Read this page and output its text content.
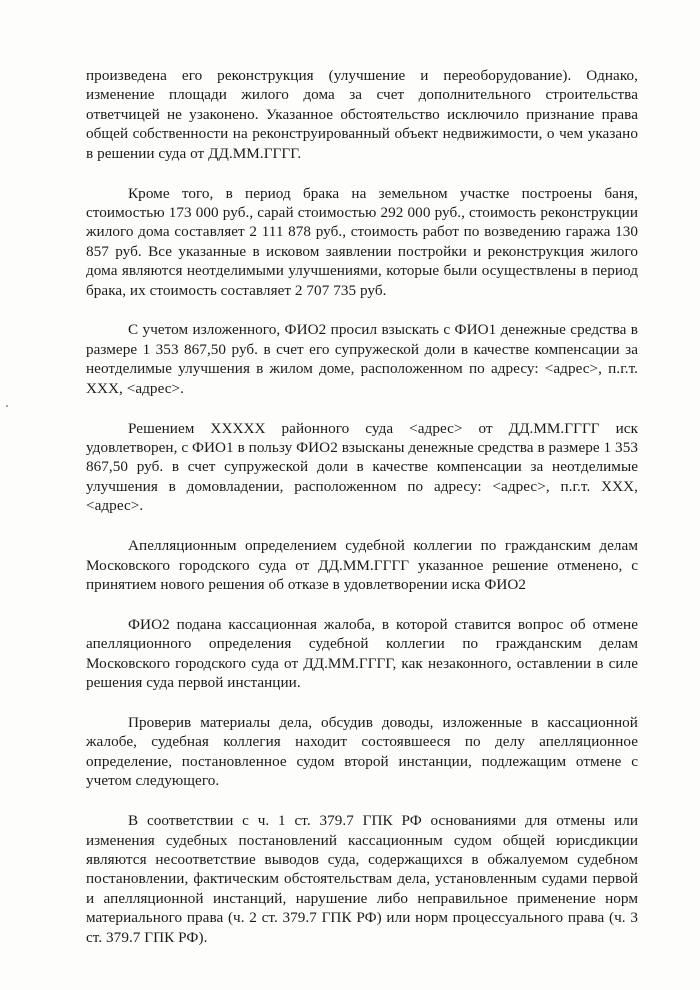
произведена его реконструкция (улучшение и переоборудование). Однако, изменение площади жилого дома за счет дополнительного строительства ответчицей не узаконено. Указанное обстоятельство исключило признание права общей собственности на реконструированный объект недвижимости, о чем указано в решении суда от ДД.ММ.ГГГГ.

Кроме того, в период брака на земельном участке построены баня, стоимостью 173 000 руб., сарай стоимостью 292 000 руб., стоимость реконструкции жилого дома составляет 2 111 878 руб., стоимость работ по возведению гаража 130 857 руб. Все указанные в исковом заявлении постройки и реконструкция жилого дома являются неотделимыми улучшениями, которые были осуществлены в период брака, их стоимость составляет 2 707 735 руб.

С учетом изложенного, ФИО2 просил взыскать с ФИО1 денежные средства в размере 1 353 867,50 руб. в счет его супружеской доли в качестве компенсации за неотделимые улучшения в жилом доме, расположенном по адресу: <адрес>, п.г.т. XXX, <адрес>.

Решением XXXXX районного суда <адрес> от ДД.ММ.ГГГГ иск удовлетворен, с ФИО1 в пользу ФИО2 взысканы денежные средства в размере 1 353 867,50 руб. в счет супружеской доли в качестве компенсации за неотделимые улучшения в домовладении, расположенном по адресу: <адрес>, п.г.т. XXX, <адрес>.

Апелляционным определением судебной коллегии по гражданским делам Московского городского суда от ДД.ММ.ГГГГ указанное решение отменено, с принятием нового решения об отказе в удовлетворении иска ФИО2

ФИО2 подана кассационная жалоба, в которой ставится вопрос об отмене апелляционного определения судебной коллегии по гражданским делам Московского городского суда от ДД.ММ.ГГГГ, как незаконного, оставлении в силе решения суда первой инстанции.

Проверив материалы дела, обсудив доводы, изложенные в кассационной жалобе, судебная коллегия находит состоявшееся по делу апелляционное определение, постановленное судом второй инстанции, подлежащим отмене с учетом следующего.

В соответствии с ч. 1 ст. 379.7 ГПК РФ основаниями для отмены или изменения судебных постановлений кассационным судом общей юрисдикции являются несоответствие выводов суда, содержащихся в обжалуемом судебном постановлении, фактическим обстоятельствам дела, установленным судами первой и апелляционной инстанций, нарушение либо неправильное применение норм материального права (ч. 2 ст. 379.7 ГПК РФ) или норм процессуального права (ч. 3 ст. 379.7 ГПК РФ).
